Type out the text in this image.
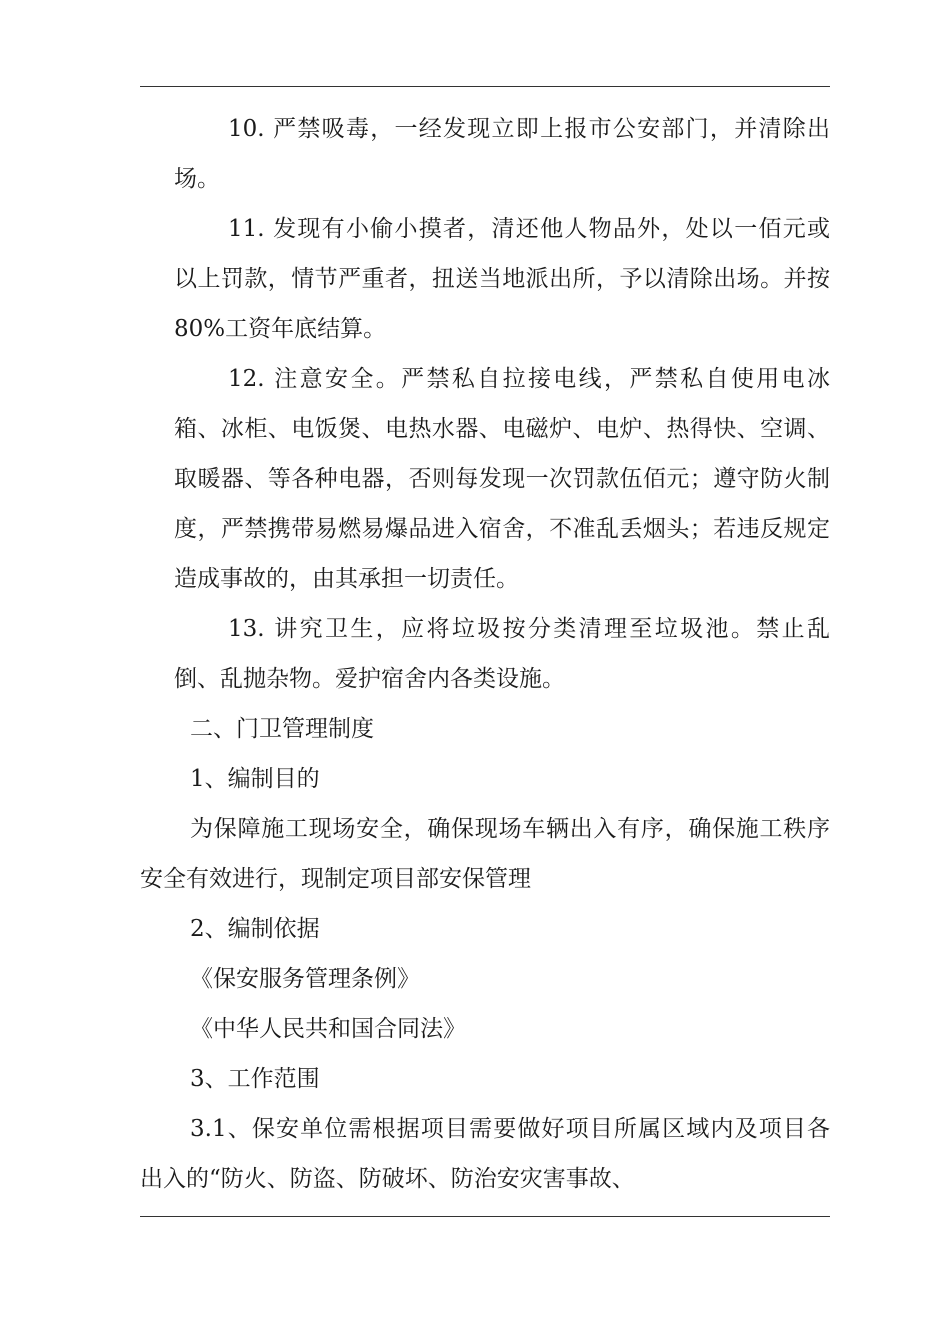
10. 严禁吸毒，一经发现立即上报市公安部门，并清除出
场。
11. 发现有小偷小摸者，清还他人物品外，处以一佰元或
以上罚款，情节严重者，扭送当地派出所，予以清除出场。并按
80%工资年底结算。
12. 注意安全。严禁私自拉接电线，严禁私自使用电冰
箱、冰柜、电饭煲、电热水器、电磁炉、电炉、热得快、空调、
取暖器、等各种电器，否则每发现一次罚款伍佰元；遵守防火制
度，严禁携带易燃易爆品进入宿舍，不准乱丢烟头；若违反规定
造成事故的，由其承担一切责任。
13. 讲究卫生，应将垃圾按分类清理至垃圾池。禁止乱
倒、乱抛杂物。爱护宿舍内各类设施。
二、门卫管理制度
1、编制目的
为保障施工现场安全，确保现场车辆出入有序，确保施工秩序
安全有效进行，现制定项目部安保管理
2、编制依据
《保安服务管理条例》
《中华人民共和国合同法》
3、工作范围
3.1、保安单位需根据项目需要做好项目所属区域内及项目各
出入的“防火、防盗、防破坏、防治安灾害事故、
